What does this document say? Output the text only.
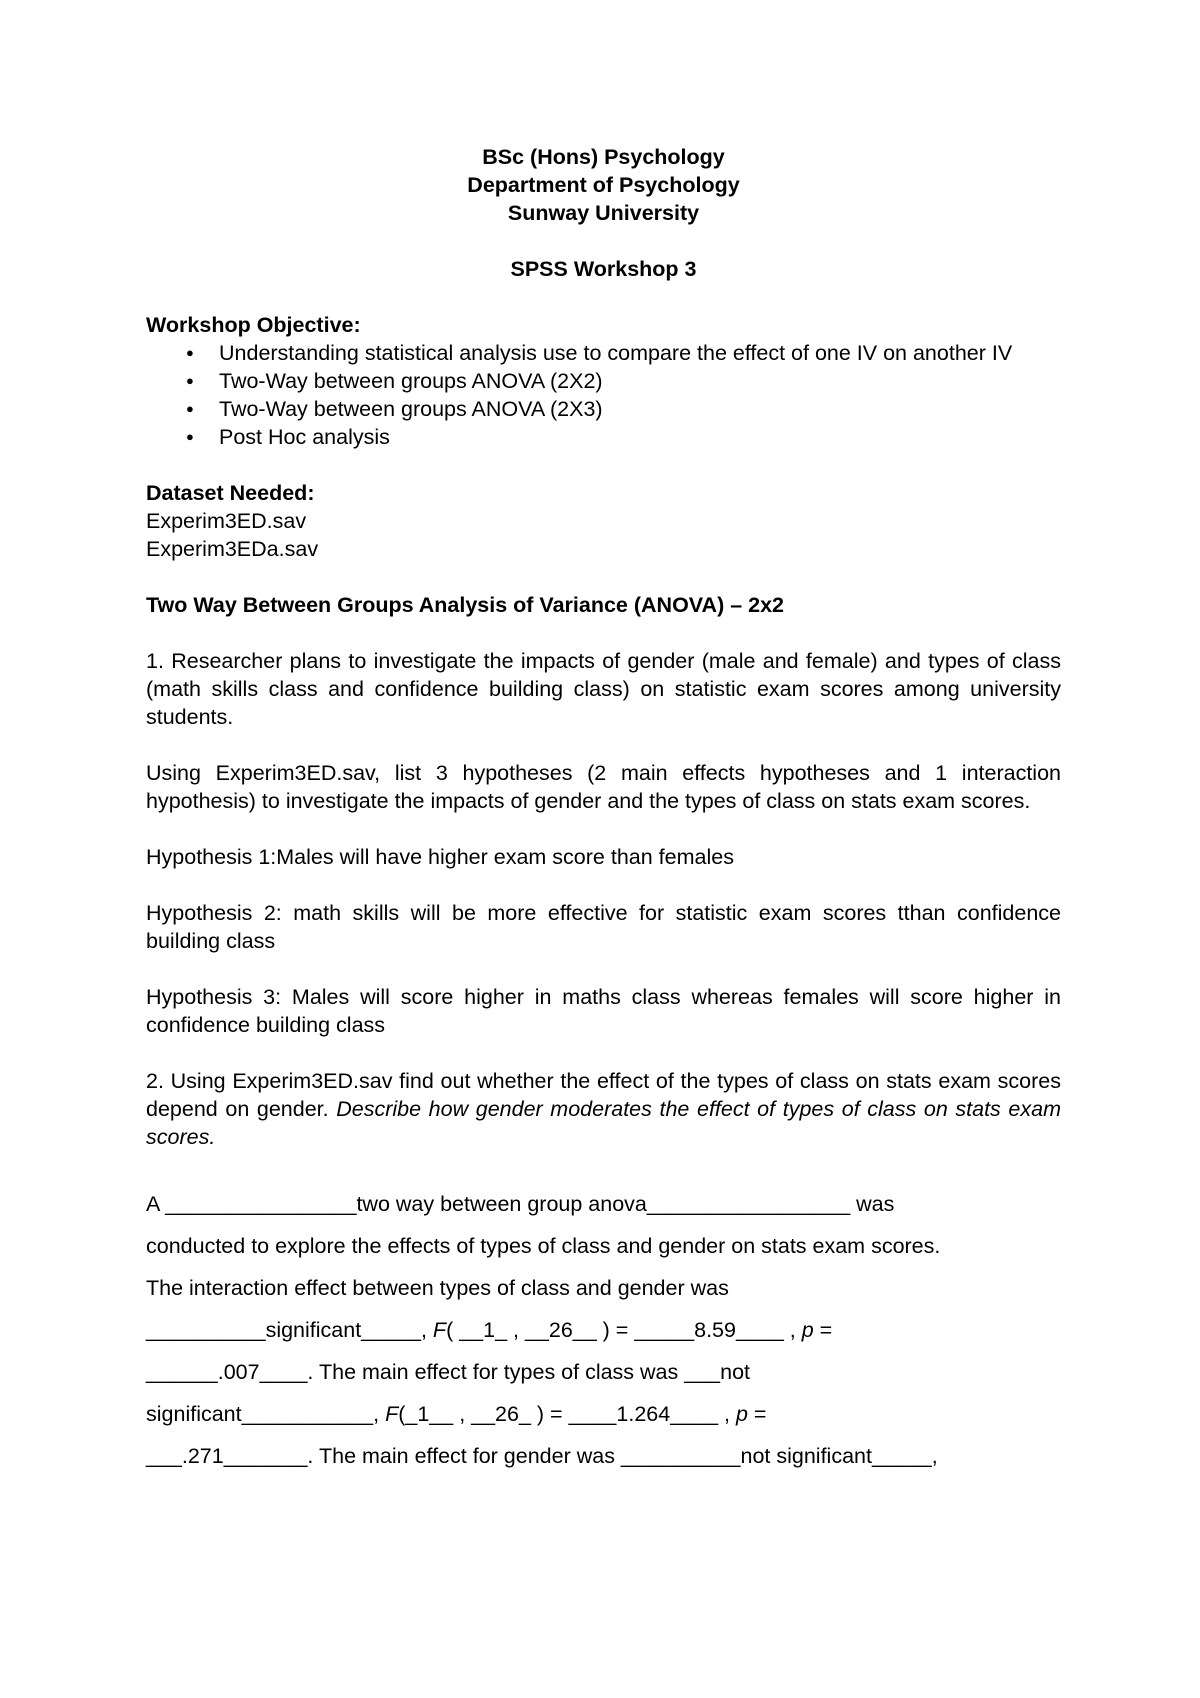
BSc (Hons) Psychology
Department of Psychology
Sunway University
SPSS Workshop 3
Workshop Objective:
● Understanding statistical analysis use to compare the effect of one IV on another IV
● Two-Way between groups ANOVA (2X2)
● Two-Way between groups ANOVA (2X3)
● Post Hoc analysis
Dataset Needed:
Experim3ED.sav
Experim3EDa.sav
Two Way Between Groups Analysis of Variance (ANOVA) – 2x2
1. Researcher plans to investigate the impacts of gender (male and female) and types of class (math skills class and confidence building class) on statistic exam scores among university students.
Using Experim3ED.sav, list 3 hypotheses (2 main effects hypotheses and 1 interaction hypothesis) to investigate the impacts of gender and the types of class on stats exam scores.
Hypothesis 1:Males will have higher exam score than females
Hypothesis 2: math skills will be more effective for statistic exam scores tthan confidence building class
Hypothesis 3: Males will score higher in maths class whereas females will score higher in confidence building class
2. Using Experim3ED.sav find out whether the effect of the types of class on stats exam scores depend on gender. Describe how gender moderates the effect of types of class on stats exam scores.
A ________________two way between group anova_________________ was
conducted to explore the effects of types of class and gender on stats exam scores.
The interaction effect between types of class and gender was
__________significant_____, F( __1_ , __26__ ) = _____8.59____ , p =
______.007____. The main effect for types of class was ___not
significant___________, F(_1__ , __26_ ) = ____1.264____ , p =
___.271_______. The main effect for gender was __________not significant_____,
